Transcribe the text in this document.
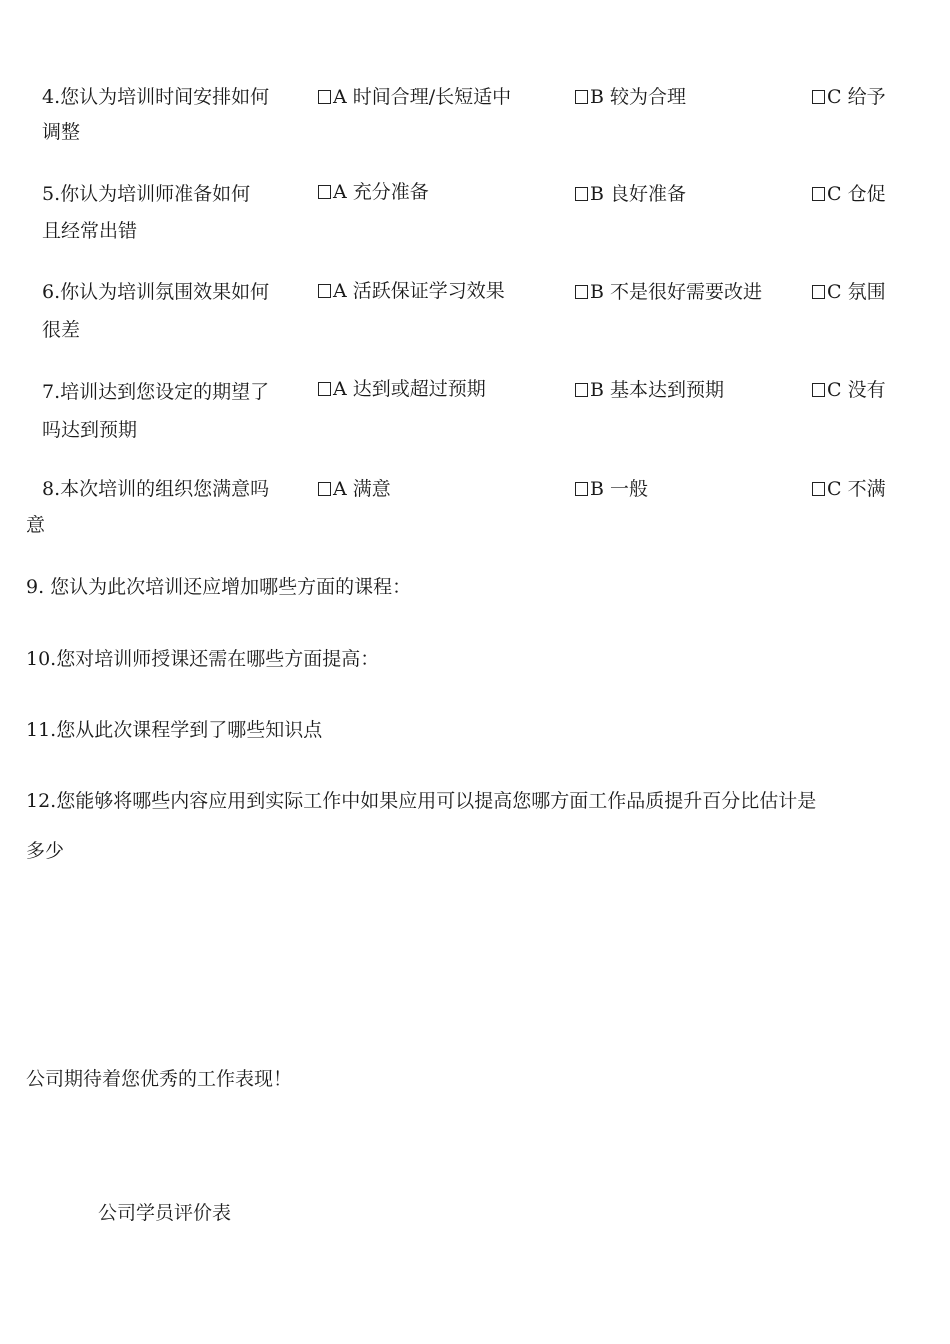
4.您认为培训时间安排如何
调整
A 时间合理/长短适中	B 较为合理	C 给予
5.你认为培训师准备如何
且经常出错
A 充分准备	B 良好准备	C 仓促
6.你认为培训氛围效果如何
很差
A 活跃保证学习效果	B 不是很好需要改进	C 氛围
7.培训达到您设定的期望了
吗达到预期
A 达到或超过预期	B 基本达到预期	C 没有
8.本次培训的组织您满意吗
意
A 满意	B 一般	C 不满
9. 您认为此次培训还应增加哪些方面的课程：
10.您对培训师授课还需在哪些方面提高：
11.您从此次课程学到了哪些知识点
12.您能够将哪些内容应用到实际工作中如果应用可以提高您哪方面工作品质提升百分比估计是
多少
公司期待着您优秀的工作表现！
公司学员评价表
